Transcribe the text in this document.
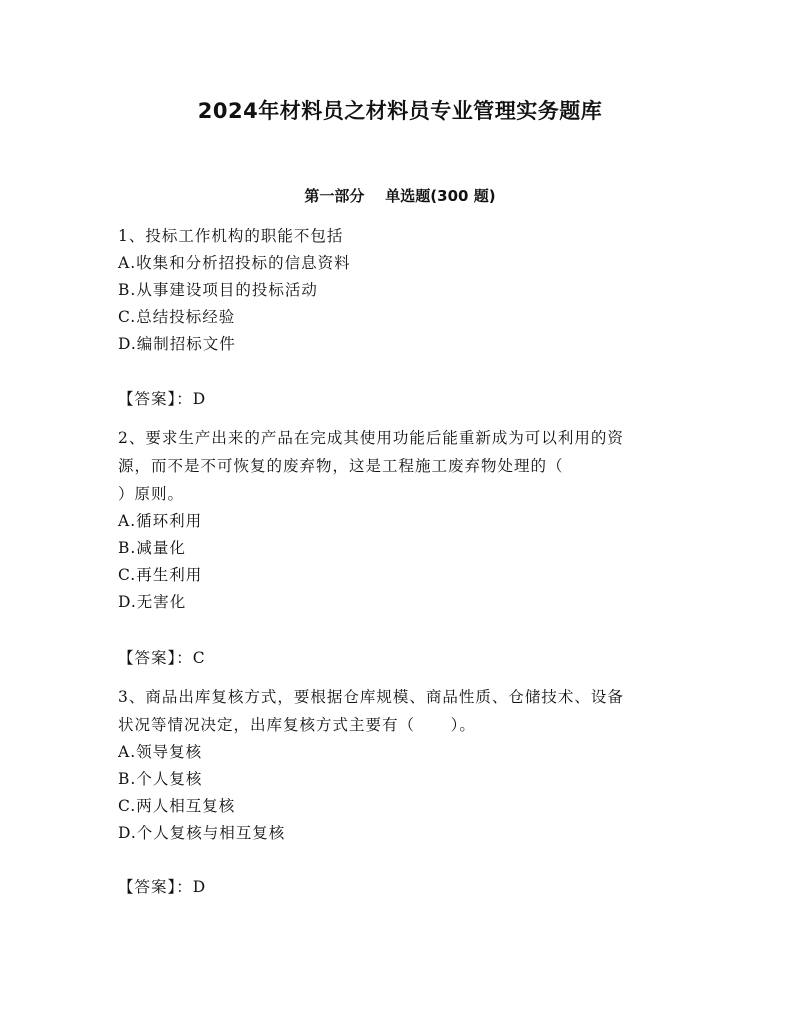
2024年材料员之材料员专业管理实务题库
第一部分    单选题(300 题)
1、投标工作机构的职能不包括
A.收集和分析招投标的信息资料
B.从事建设项目的投标活动
C.总结投标经验
D.编制招标文件
【答案】：D
2、要求生产出来的产品在完成其使用功能后能重新成为可以利用的资
源，而不是不可恢复的废弃物，这是工程施工废弃物处理的（
）原则。
A.循环利用
B.减量化
C.再生利用
D.无害化
【答案】：C
3、商品出库复核方式，要根据仓库规模、商品性质、仓储技术、设备
状况等情况决定，出库复核方式主要有（      ）。
A.领导复核
B.个人复核
C.两人相互复核
D.个人复核与相互复核
【答案】：D
